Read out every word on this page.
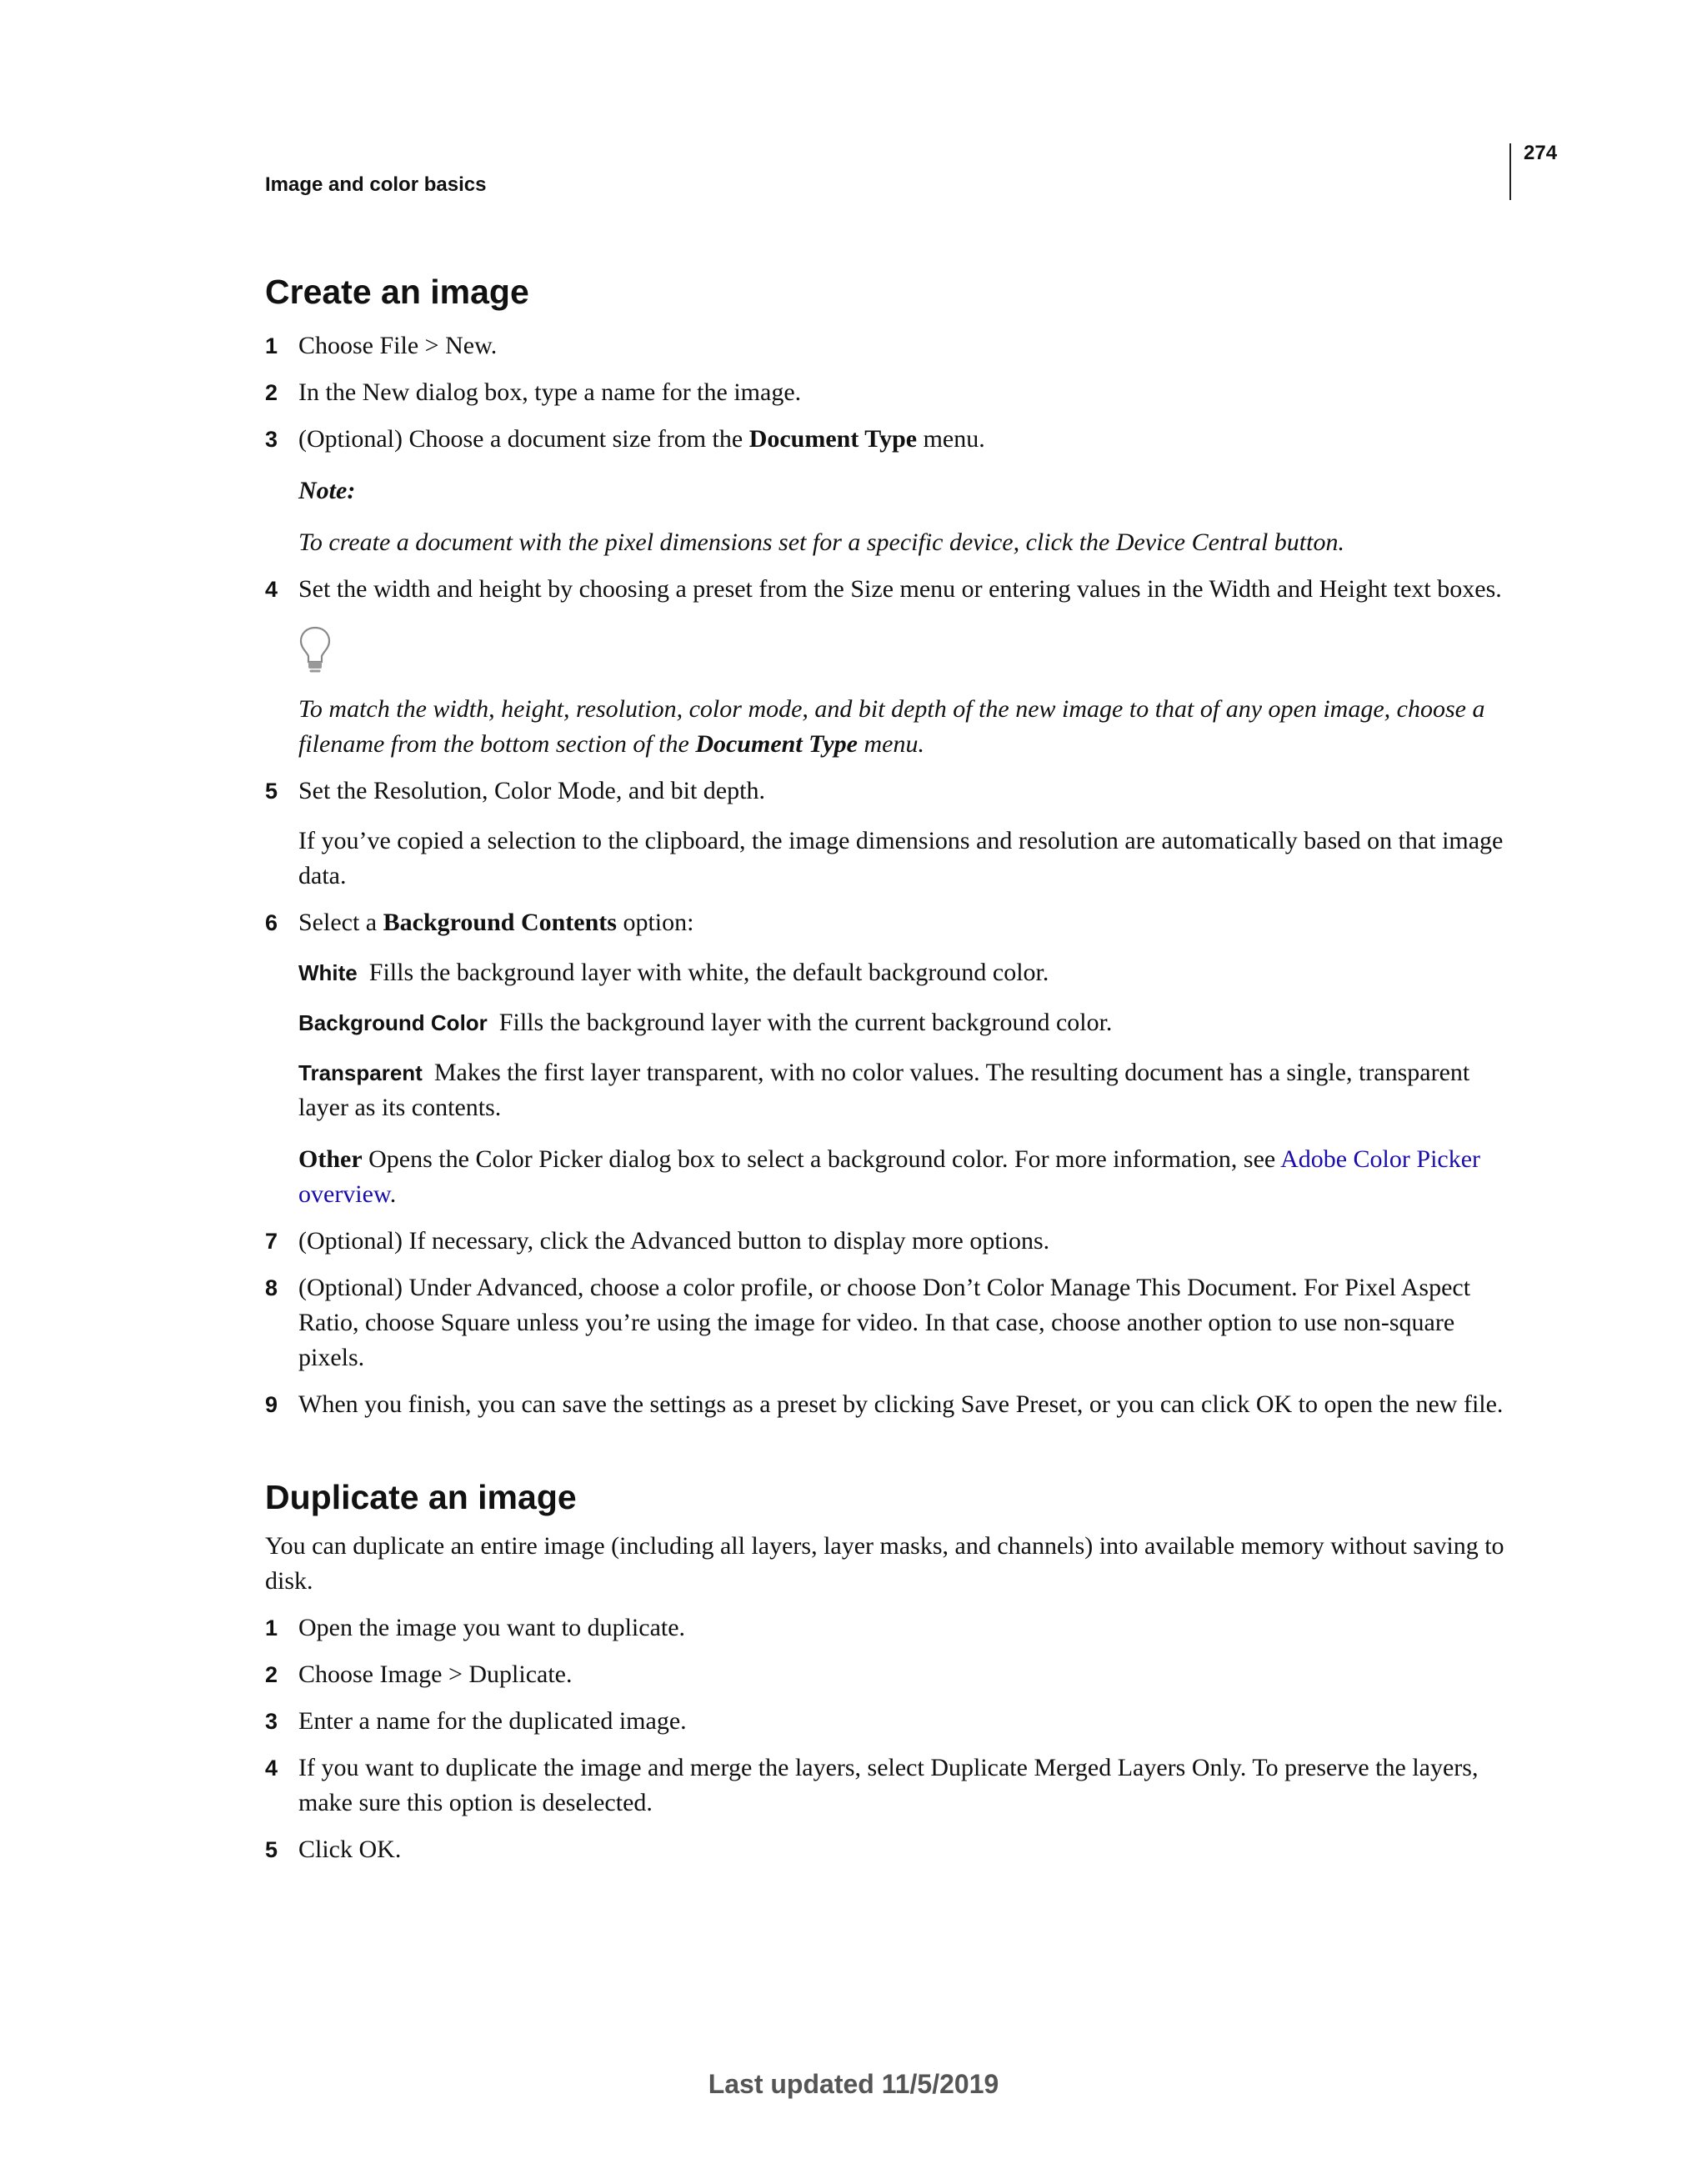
274
Image and color basics
Create an image
1 Choose File > New.

2 In the New dialog box, type a name for the image.

3 (Optional) Choose a document size from the Document Type menu.

Note:

To create a document with the pixel dimensions set for a specific device, click the Device Central button.

4 Set the width and height by choosing a preset from the Size menu or entering values in the Width and Height text boxes.

To match the width, height, resolution, color mode, and bit depth of the new image to that of any open image, choose a filename from the bottom section of the Document Type menu.

5 Set the Resolution, Color Mode, and bit depth.

If you’ve copied a selection to the clipboard, the image dimensions and resolution are automatically based on that image data.

6 Select a Background Contents option:

White Fills the background layer with white, the default background color.

Background Color Fills the background layer with the current background color.

Transparent Makes the first layer transparent, with no color values. The resulting document has a single, transparent layer as its contents.

Other Opens the Color Picker dialog box to select a background color. For more information, see Adobe Color Picker overview.

7 (Optional) If necessary, click the Advanced button to display more options.

8 (Optional) Under Advanced, choose a color profile, or choose Don’t Color Manage This Document. For Pixel Aspect Ratio, choose Square unless you’re using the image for video. In that case, choose another option to use non-square pixels.

9 When you finish, you can save the settings as a preset by clicking Save Preset, or you can click OK to open the new file.

Duplicate an image

You can duplicate an entire image (including all layers, layer masks, and channels) into available memory without saving to disk.

1 Open the image you want to duplicate.

2 Choose Image > Duplicate.

3 Enter a name for the duplicated image.

4 If you want to duplicate the image and merge the layers, select Duplicate Merged Layers Only. To preserve the layers, make sure this option is deselected.

5 Click OK.

Last updated 11/5/2019
